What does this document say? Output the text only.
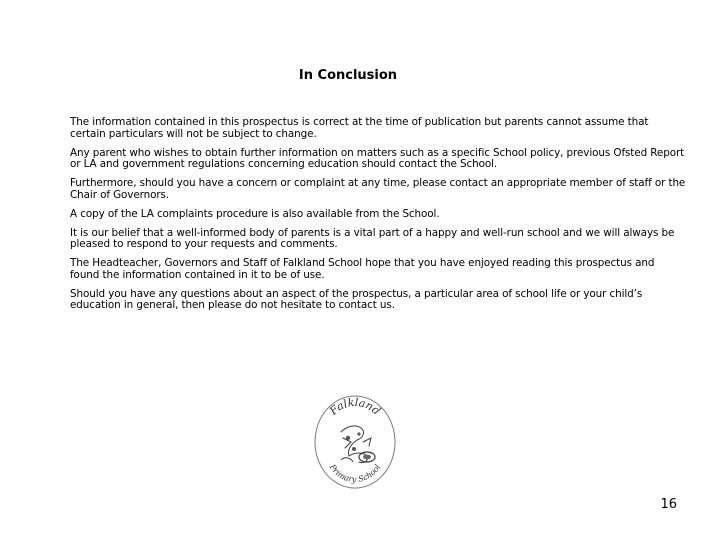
In Conclusion

The information contained in this prospectus is correct at the time of publication but parents cannot assume that certain particulars will not be subject to change.

Any parent who wishes to obtain further information on matters such as a specific School policy, previous Ofsted Report or LA and government regulations concerning education should contact the School.

Furthermore, should you have a concern or complaint at any time, please contact an appropriate member of staff or the Chair of Governors.

A copy of the LA complaints procedure is also available from the School.

It is our belief that a well-informed body of parents is a vital part of a happy and well-run school and we will always be pleased to respond to your requests and comments.

The Headteacher, Governors and Staff of Falkland School hope that you have enjoyed reading this prospectus and found the information contained in it to be of use.

Should you have any questions about an aspect of the prospectus, a particular area of school life or your child’s education in general, then please do not hesitate to contact us.

Falkland
Primary School
16
